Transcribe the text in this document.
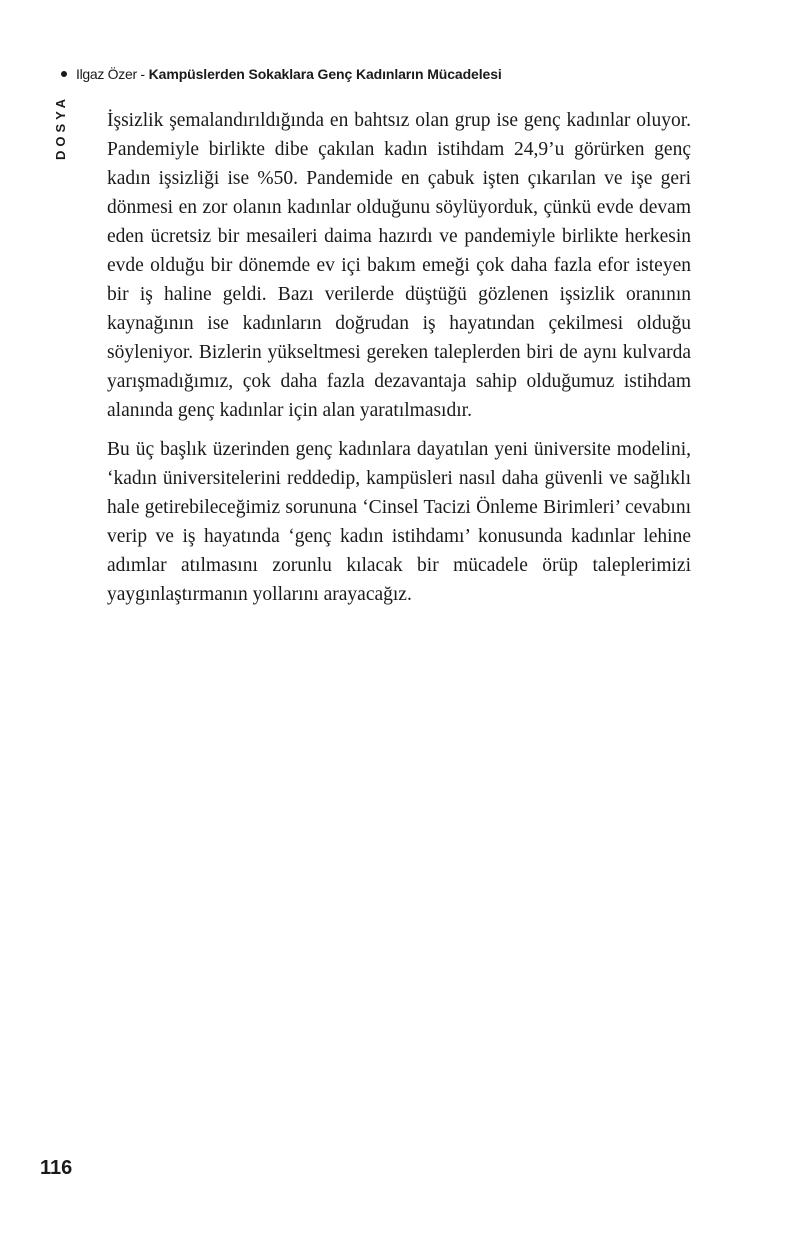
Ilgaz Özer - Kampüslerden Sokaklara Genç Kadınların Mücadelesi
DOSYA İşsizlik şemalandırıldığında en bahtsız olan grup ise genç kadınlar oluyor. Pandemiyle birlikte dibe çakılan kadın istihdam 24,9’u görürken genç kadın işsizliği ise %50. Pandemide en çabuk işten çıkarılan ve işe geri dönmesi en zor olanın kadınlar olduğunu söylüyorduk, çünkü evde devam eden ücretsiz bir mesaileri daima hazırdı ve pandemiyle birlikte herkesin evde olduğu bir dönemde ev içi bakım emeği çok daha fazla efor isteyen bir iş haline geldi. Bazı verilerde düştüğü gözlenen işsizlik oranının kaynağının ise kadınların doğrudan iş hayatından çekilmesi olduğu söyleniyor. Bizlerin yükseltmesi gereken taleplerden biri de aynı kulvarda yarışmadığımız, çok daha fazla dezavantaja sahip olduğumuz istihdam alanında genç kadınlar için alan yaratılmasıdır.

Bu üç başlık üzerinden genç kadınlara dayatılan yeni üniversite modelini, ‘kadın üniversitelerini reddedip, kampüsleri nasıl daha güvenli ve sağlıklı hale getirebileceğimiz sorununa ‘Cinsel Tacizi Önleme Birimleri’ cevabını verip ve iş hayatında ‘genç kadın istihdamı’ konusunda kadınlar lehine adımlar atılmasını zorunlu kılacak bir mücadele örüp taleplerimizi yaygınlaştırmanın yollarını arayacağız.

116
